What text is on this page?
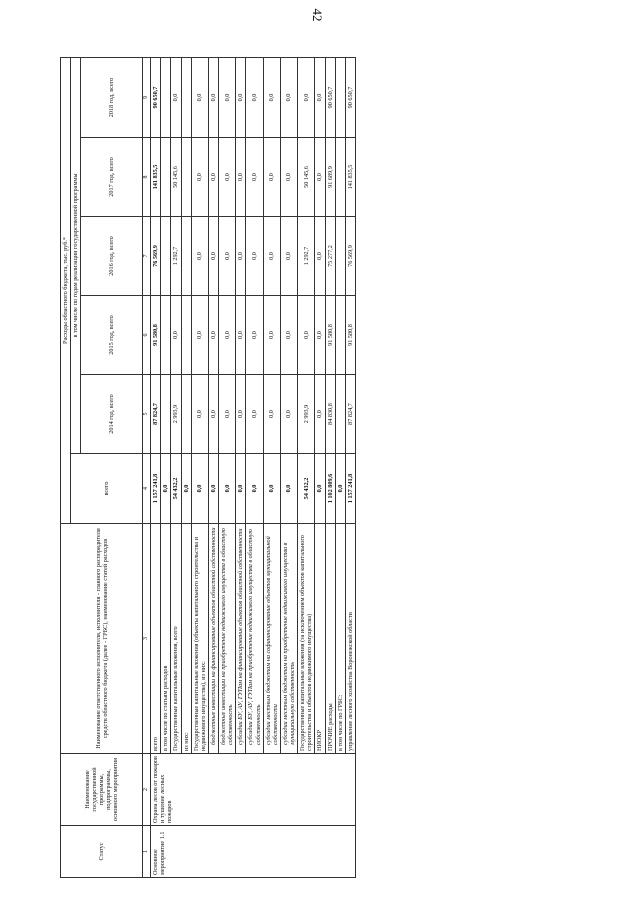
42
Статус	Наименование государственной программы, подпрограммы, основного мероприятия	Наименование ответственного исполнителя, исполнителя - главного распорядителя средств областного бюджета (далее - ГРБС), наименование статей расходов	Расходы областного бюджета, тыс. руб.*					
			всего	в том числе по годам реализации государственной программы				
				2014 год, всего	2015 год, всего	2016 год, всего	2017 год, всего	2018 год, всего
1	2	3	4	5	6	7	8	9
Основное мероприятие 1.1	Охрана лесов от пожаров и тушение лесных пожаров	всего	1 157 241,8	87 824,7	91 580,8	76 569,9	141 835,5	90 650,7
		в том числе по статьям расходов	0,0					
		Государственные капитальные вложения, всего	54 432,2	2 993,9	0,0	1 292,7	50 145,6	0,0
		из них:	0,0					
		Государственные капитальные вложения (объекты капитального строительства и недвижимого имущества), из них:	0,0	0,0	0,0	0,0	0,0	0,0
		бюджетные инвестиции на финансирование объектов областной собственности	0,0	0,0	0,0	0,0	0,0	0,0
		бюджетные инвестиции на приобретение недвижимого имущества в областную собственность	0,0	0,0	0,0	0,0	0,0	0,0
		субсидии БУ, АУ, ГУПам на финансирование объектов областной собственности	0,0	0,0	0,0	0,0	0,0	0,0
		субсидии БУ, АУ, ГУПам на приобретение недвижимого имущества в областную собственность	0,0	0,0	0,0	0,0	0,0	0,0
		субсидии местным бюджетам на софинансирование объектов муниципальной собственности	0,0	0,0	0,0	0,0	0,0	0,0
		субсидии местным бюджетам на приобретение недвижимого имущества в муниципальную собственность	0,0	0,0	0,0	0,0	0,0	0,0
		Государственные капитальные вложения (за исключением объектов капитального строительства и объектов недвижимого имущества)	54 432,2	2 993,9	0,0	1 292,7	50 145,6	0,0
		НИОКР	0,0	0,0	0,0	0,0	0,0	0,0
		ПРОЧИЕ расходы	1 102 809,6	84 830,8	91 580,8	75 277,2	91 689,9	90 650,7
		в том числе по ГРБС:	0,0					
		управление лесного хозяйства Воронежской области	1 157 241,8	87 824,7	91 580,8	76 569,9	141 835,5	90 650,7
